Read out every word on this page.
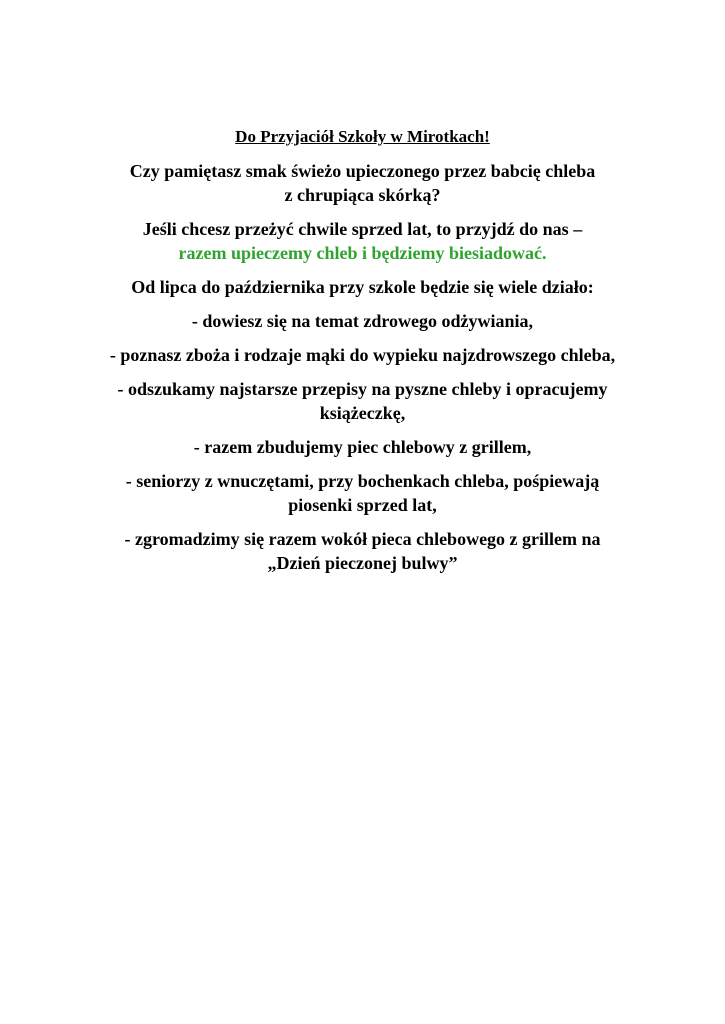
Do Przyjaciół Szkoły w Mirotkach!

Czy pamiętasz smak świeżo upieczonego przez babcię chleba
z chrupiąca skórką?

Jeśli chcesz przeżyć chwile sprzed lat, to przyjdź do nas –
razem upieczemy chleb i będziemy biesiadować.

Od lipca do października przy szkole będzie się wiele działo:

- dowiesz się na temat zdrowego odżywiania,

- poznasz zboża i rodzaje mąki do wypieku najzdrowszego chleba,

- odszukamy najstarsze przepisy na pyszne chleby i opracujemy
książeczkę,

- razem zbudujemy piec chlebowy z grillem,

- seniorzy z wnuczętami, przy bochenkach chleba, pośpiewają
piosenki sprzed lat,

- zgromadzimy się razem wokół pieca chlebowego z grillem na
„Dzień pieczonej bulwy”
